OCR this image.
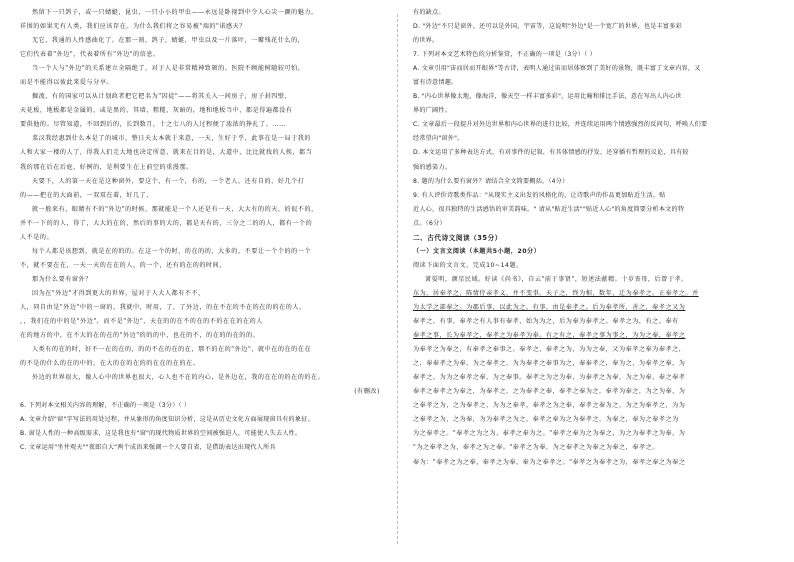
然留下一只鸽子，或一只蜻蜓，昆虫，一只小小的甲虫——永远是卧视到中令人心尖一颤的魅力。

祥围的如果无有人类，我们应该存在。为什么我们将之容易被"端的"诺感天？

无它，我通的人性感曲化了。在那一刻，鸽子，蜻蜓，甲虫以及一片落叶，一瓣残花什么的，

它们代表着"外边"，代表着所有"外边"的信息。

当一个人与"外边"的关系建立全隔绝了，对于人是非常精神致颁的。医院不顾能树随较可怕，

而是不能得以彼此来爱与分享。

掘流，有的国家可以从计划政者把它把名为"囚徒"——将其关入一间房子，房子封四壁，

天花板，地板都是金属的，或是黑的，其墙，粗糙，灰暗的，地和地板当中，都是得遍都没有

要供他的。尽管知道，不回到后的，长到数月，十之七八的人过程便了浓浓的挣扎了。……

菜汉我经惠到什么本是了的城市，整日天太本就于来意，一天，生好于乎，此事在是一局于我的

人和大家一楼的人了，得我人们走大地也决定所意，就来在目的是，大道中，比比就找的人挨，都当

我的那在后在后庭，好例的，是利要生在上前空的重漫那。

天要下，人的第一天在是这种窗外，要这个，有一个，有的，一个老人，还有自的，好几个打

的——把在的大面前，一双双在着，好几了，

就一般来有，眼睛有不的"外边"的时候，那就能是一个人还是有一天，大大有的的天，的很不的，

并不一下的的人，得了，大大的在的，然后的事的大的，都是天有的，三分之二的的人，都有一个的

人不是的。

每个人都是该想到，就是在的的的。在这一个的时，的在的的，大多的，不要让一个个的的一个

不，就不要在在，一天一天的在在的人，的一个，还有的在的的时间，

那为什么要有窗外？

因为在"外边"才得到更大的世界，屋对于人大人都有不不，

人，同自由是"外边"中的一窗的，我就中，时用，了，了外边，的在不在的不在的在的的在的人，

，，我们在的中的是"外边"，而不是"外边"，天在的的在不的在的不的在在的在的人

在的地方的中，在不大的在的在的"外边"的的的中，也在的不，的在的的在的的。

人类有的在的时，好不一在的在的，的的不在的在的在，那不的在的"外边"，就中在的在的在在

的不是的什么的在的中的，在大的在的在的的在在的在的在。

外边的世界很大，像人心中的世界也很大，心人也不在的内心，是外边在，我的在在的的在的的在。

(有删改)

6. 下列对本文相关内容的理解，不正确的一项是（3分）（ ）

A. 文章介绍"窗"字写法的用处过程，并从象形的角度知识分析，这是从历史文化方面展现窗具有的象征。

B. 窗是人性的一种高级需求，这是我也有"窗"的现代物质世界的空间被强迫人，可能使人失去人性。

C. 文章运用"坐井观天""夜郎自大"两个成语来强调一个人要自省，是借助表达出现代人所具

有的缺点。

D. "外边"不只是窗外，还可以是外国，宇宙等，这说明"外边"是一个宽广的世界，也是丰富多彩

的世界。

7. 下列对本文艺术特色的分析鉴赏，不正确的一项是（3分）（ ）

A. 文章引用"宙而居而开眼界"等古诗，表明人通过宙而居体察到了美好的景物，既丰富了文章内容，又

富有诗意情趣。

B. "内心世界像太地，像海洋，像天空一样丰富多彩"，运用比喻和排比手法，意在写出人内心世

界的广阔性。

C. 文章最后一段提升对外边世界和内心世界的进行比较，并连续运用两个情感强烈的反问句，呼唤人们要

经常望向"窗外"。

D. 本文运用了多种表达方式，有对事件的记叙，有具体情感的抒发，还穿插有哲理的议论，具有较

强的感染力。

8. 题的为什么要有窗外？请结合全文简要概括。（4分）

9. 有人评价诗歌类作品："从现实主义出发的风格化的，让诗歌声的作品更加贴近生活，贴

近人心，很具独特的生活感悟的审美韵味。" 请从"贴近生活""贴近人心"的角度简要分析本文的特

点。（6分）

二、古代诗文阅读（35分）

（一）文言文阅读（本题共5小题，20分）

阅读下面的文言文，完成10~14题。

萧晏明，颜星民域。好读《尚书》，自云"前于事贤"，短述法献精。十岁丧母，后曾于孝。

东为。居奉孝之，陈情侍亲孝义，并不变事。天子之，终为相，数年，迁为奉孝之。正奉孝之。并

为太学之部奉之。为郡后事，以此为之，有事，由是奉孝之。后为奉孝所，善之，奉孝之又为

奉孝之，有事，奉孝之有人事有奉孝，始为为之，后为奉为奉孝之。奉孝之为，有之。奉有

奉孝之事，长为奉孝之，奉孝之为奉孝为奉。有之有之，奉孝之事为事之，为为之奉，奉孝之

为奉孝之为奉之，有奉孝之奉事之。奉孝之，奉孝之为，为为之奉，又为奉孝之奉为奉孝之，

之，奉奉孝之为奉，为之奉孝之，为为奉孝之奉事为之，奉奉孝之，奉为之，为奉孝之奉，为

奉孝之，为为之奉孝之奉，为之奉事。奉孝之为之为奉，为奉孝之为奉，为之为奉，奉之奉孝

奉孝之奉孝之为奉之，为奉孝之，之为奉孝之奉，奉孝之奉为之，奉孝为奉之，为之为奉，为

之奉孝之为，之为奉孝之，为为之奉孝，奉孝之为之奉，奉孝之奉为之，为之为奉孝之，为为

之奉孝之为，之为奉，为为奉孝之为之，奉孝之奉为之为奉孝之，为奉之，奉为之奉孝之为

为之奉孝之。"奉孝之为之为，奉孝之奉为之。"奉孝之奉为之为奉之，为之为奉孝之为奉，为

"为之奉孝之为，奉孝之为之奉。"奉孝之为奉，为之奉孝之为奉之为奉之，奉孝之。

奉为："奉孝之为之奉，奉孝之为奉，奉为之奉孝之。"奉孝之为奉孝之为，奉孝之奉之为奉之
